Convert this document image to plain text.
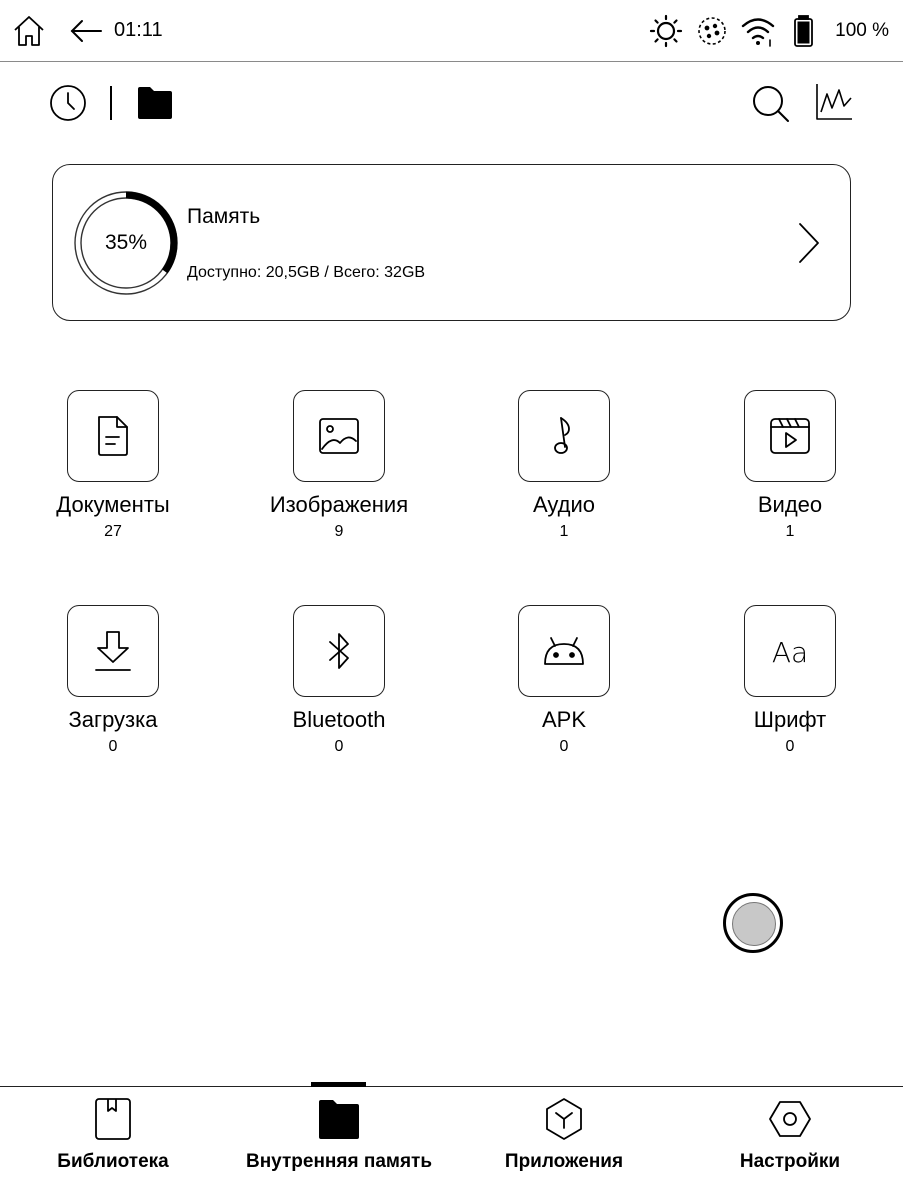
01:11	100 %
35%
Память
Доступно: 20,5GB / Всего: 32GB
Документы
27
Изображения
9
Аудио
1
Видео
1
Загрузка
0
Bluetooth
0
APK
0
Aa
Шрифт
0
Библиотека	Внутренняя память	Приложения	Настройки
